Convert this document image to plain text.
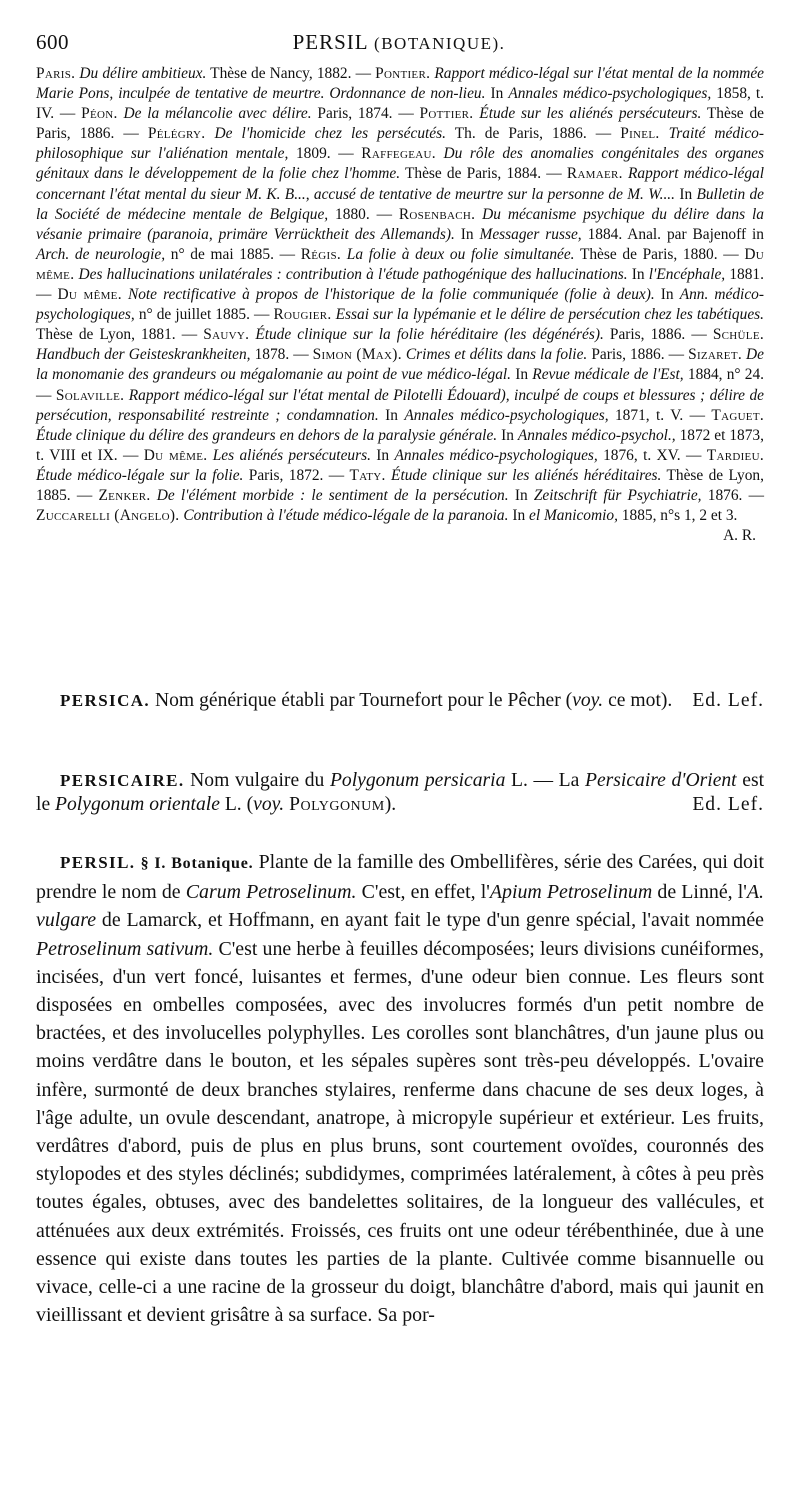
600	PERSIL (BOTANIQUE).
Paris. Du délire ambitieux. Thèse de Nancy, 1882. — Pontier. Rapport médico-légal sur l'état mental de la nommée Marie Pons, inculpée de tentative de meurtre. Ordonnance de non-lieu. In Annales médico-psychologiques, 1858, t. IV. — Péon. De la mélancolie avec délire. Paris, 1874. — Pottier. Étude sur les aliénés persécuteurs. Thèse de Paris, 1886. — Pélégry. De l'homicide chez les persécutés. Th. de Paris, 1886. — Pinel. Traité médico-philosophique sur l'aliénation mentale, 1809. — Raffegeau. Du rôle des anomalies congénitales des organes génitaux dans le développement de la folie chez l'homme. Thèse de Paris, 1884. — Ramaer. Rapport médico-légal concernant l'état mental du sieur M. K. B..., accusé de tentative de meurtre sur la personne de M. W.... In Bulletin de la Société de médecine mentale de Belgique, 1880. — Rosenbach. Du mécanisme psychique du délire dans la vésanie primaire (paranoia, primäre Verrücktheit des Allemands). In Messager russe, 1884. Anal. par Bajenoff in Arch. de neurologie, n° de mai 1885. — Régis. La folie à deux ou folie simultanée. Thèse de Paris, 1880. — Du même. Des hallucinations unilatérales : contribution à l'étude pathogénique des hallucinations. In l'Encéphale, 1881. — Du même. Note rectificative à propos de l'historique de la folie communiquée (folie à deux). In Ann. médico-psychologiques, n° de juillet 1885. — Rougier. Essai sur la lypémanie et le délire de persécution chez les tabétiques. Thèse de Lyon, 1881. — Sauvy. Étude clinique sur la folie héréditaire (les dégénérés). Paris, 1886. — Schüle. Handbuch der Geisteskrankheiten, 1878. — Simon (Max). Crimes et délits dans la folie. Paris, 1886. — Sizaret. De la monomanie des grandeurs ou mégalomanie au point de vue médico-légal. In Revue médicale de l'Est, 1884, n° 24. — Solaville. Rapport médico-légal sur l'état mental de Pilotelli Édouard), inculpé de coups et blessures ; délire de persécution, responsabilité restreinte ; condamnation. In Annales médico-psychologiques, 1871, t. V. — Taguet. Étude clinique du délire des grandeurs en dehors de la paralysie générale. In Annales médico-psychol., 1872 et 1873, t. VIII et IX. — Du même. Les aliénés persécuteurs. In Annales médico-psychologiques, 1876, t. XV. — Tardieu. Étude médico-légale sur la folie. Paris, 1872. — Taty. Étude clinique sur les aliénés héréditaires. Thèse de Lyon, 1885. — Zenker. De l'élément morbide : le sentiment de la persécution. In Zeitschrift für Psychiatrie, 1876. — Zuccarelli (Angelo). Contribution à l'étude médico-légale de la paranoia. In el Manicomio, 1885, n°s 1, 2 et 3.
A. R.
PERSICA. Nom générique établi par Tournefort pour le Pêcher (voy. ce mot). Ed. Lef.
PERSICAIRE. Nom vulgaire du Polygonum persicaria L. — La Persicaire d'Orient est le Polygonum orientale L. (voy. Polygonum).	Ed. Lef.
PERSIL. § I. Botanique. Plante de la famille des Ombellifères, série des Carées, qui doit prendre le nom de Carum Petroselinum. C'est, en effet, l'Apium Petroselinum de Linné, l'A. vulgare de Lamarck, et Hoffmann, en ayant fait le type d'un genre spécial, l'avait nommée Petroselinum sativum. C'est une herbe à feuilles décomposées; leurs divisions cunéiformes, incisées, d'un vert foncé, luisantes et fermes, d'une odeur bien connue. Les fleurs sont disposées en ombelles composées, avec des involucres formés d'un petit nombre de bractées, et des involucelles polyphylles. Les corolles sont blanchâtres, d'un jaune plus ou moins verdâtre dans le bouton, et les sépales supères sont très-peu développés. L'ovaire infère, surmonté de deux branches stylaires, renferme dans chacune de ses deux loges, à l'âge adulte, un ovule descendant, anatrope, à micropyle supérieur et extérieur. Les fruits, verdâtres d'abord, puis de plus en plus bruns, sont courtement ovoïdes, couronnés des stylopodes et des styles déclinés; subdidymes, comprimées latéralement, à côtes à peu près toutes égales, obtuses, avec des bandelettes solitaires, de la longueur des vallécules, et atténuées aux deux extrémités. Froissés, ces fruits ont une odeur térébenthinée, due à une essence qui existe dans toutes les parties de la plante. Cultivée comme bisannuelle ou vivace, celle-ci a une racine de la grosseur du doigt, blanchâtre d'abord, mais qui jaunit en vieillissant et devient grisâtre à sa surface. Sa por-
